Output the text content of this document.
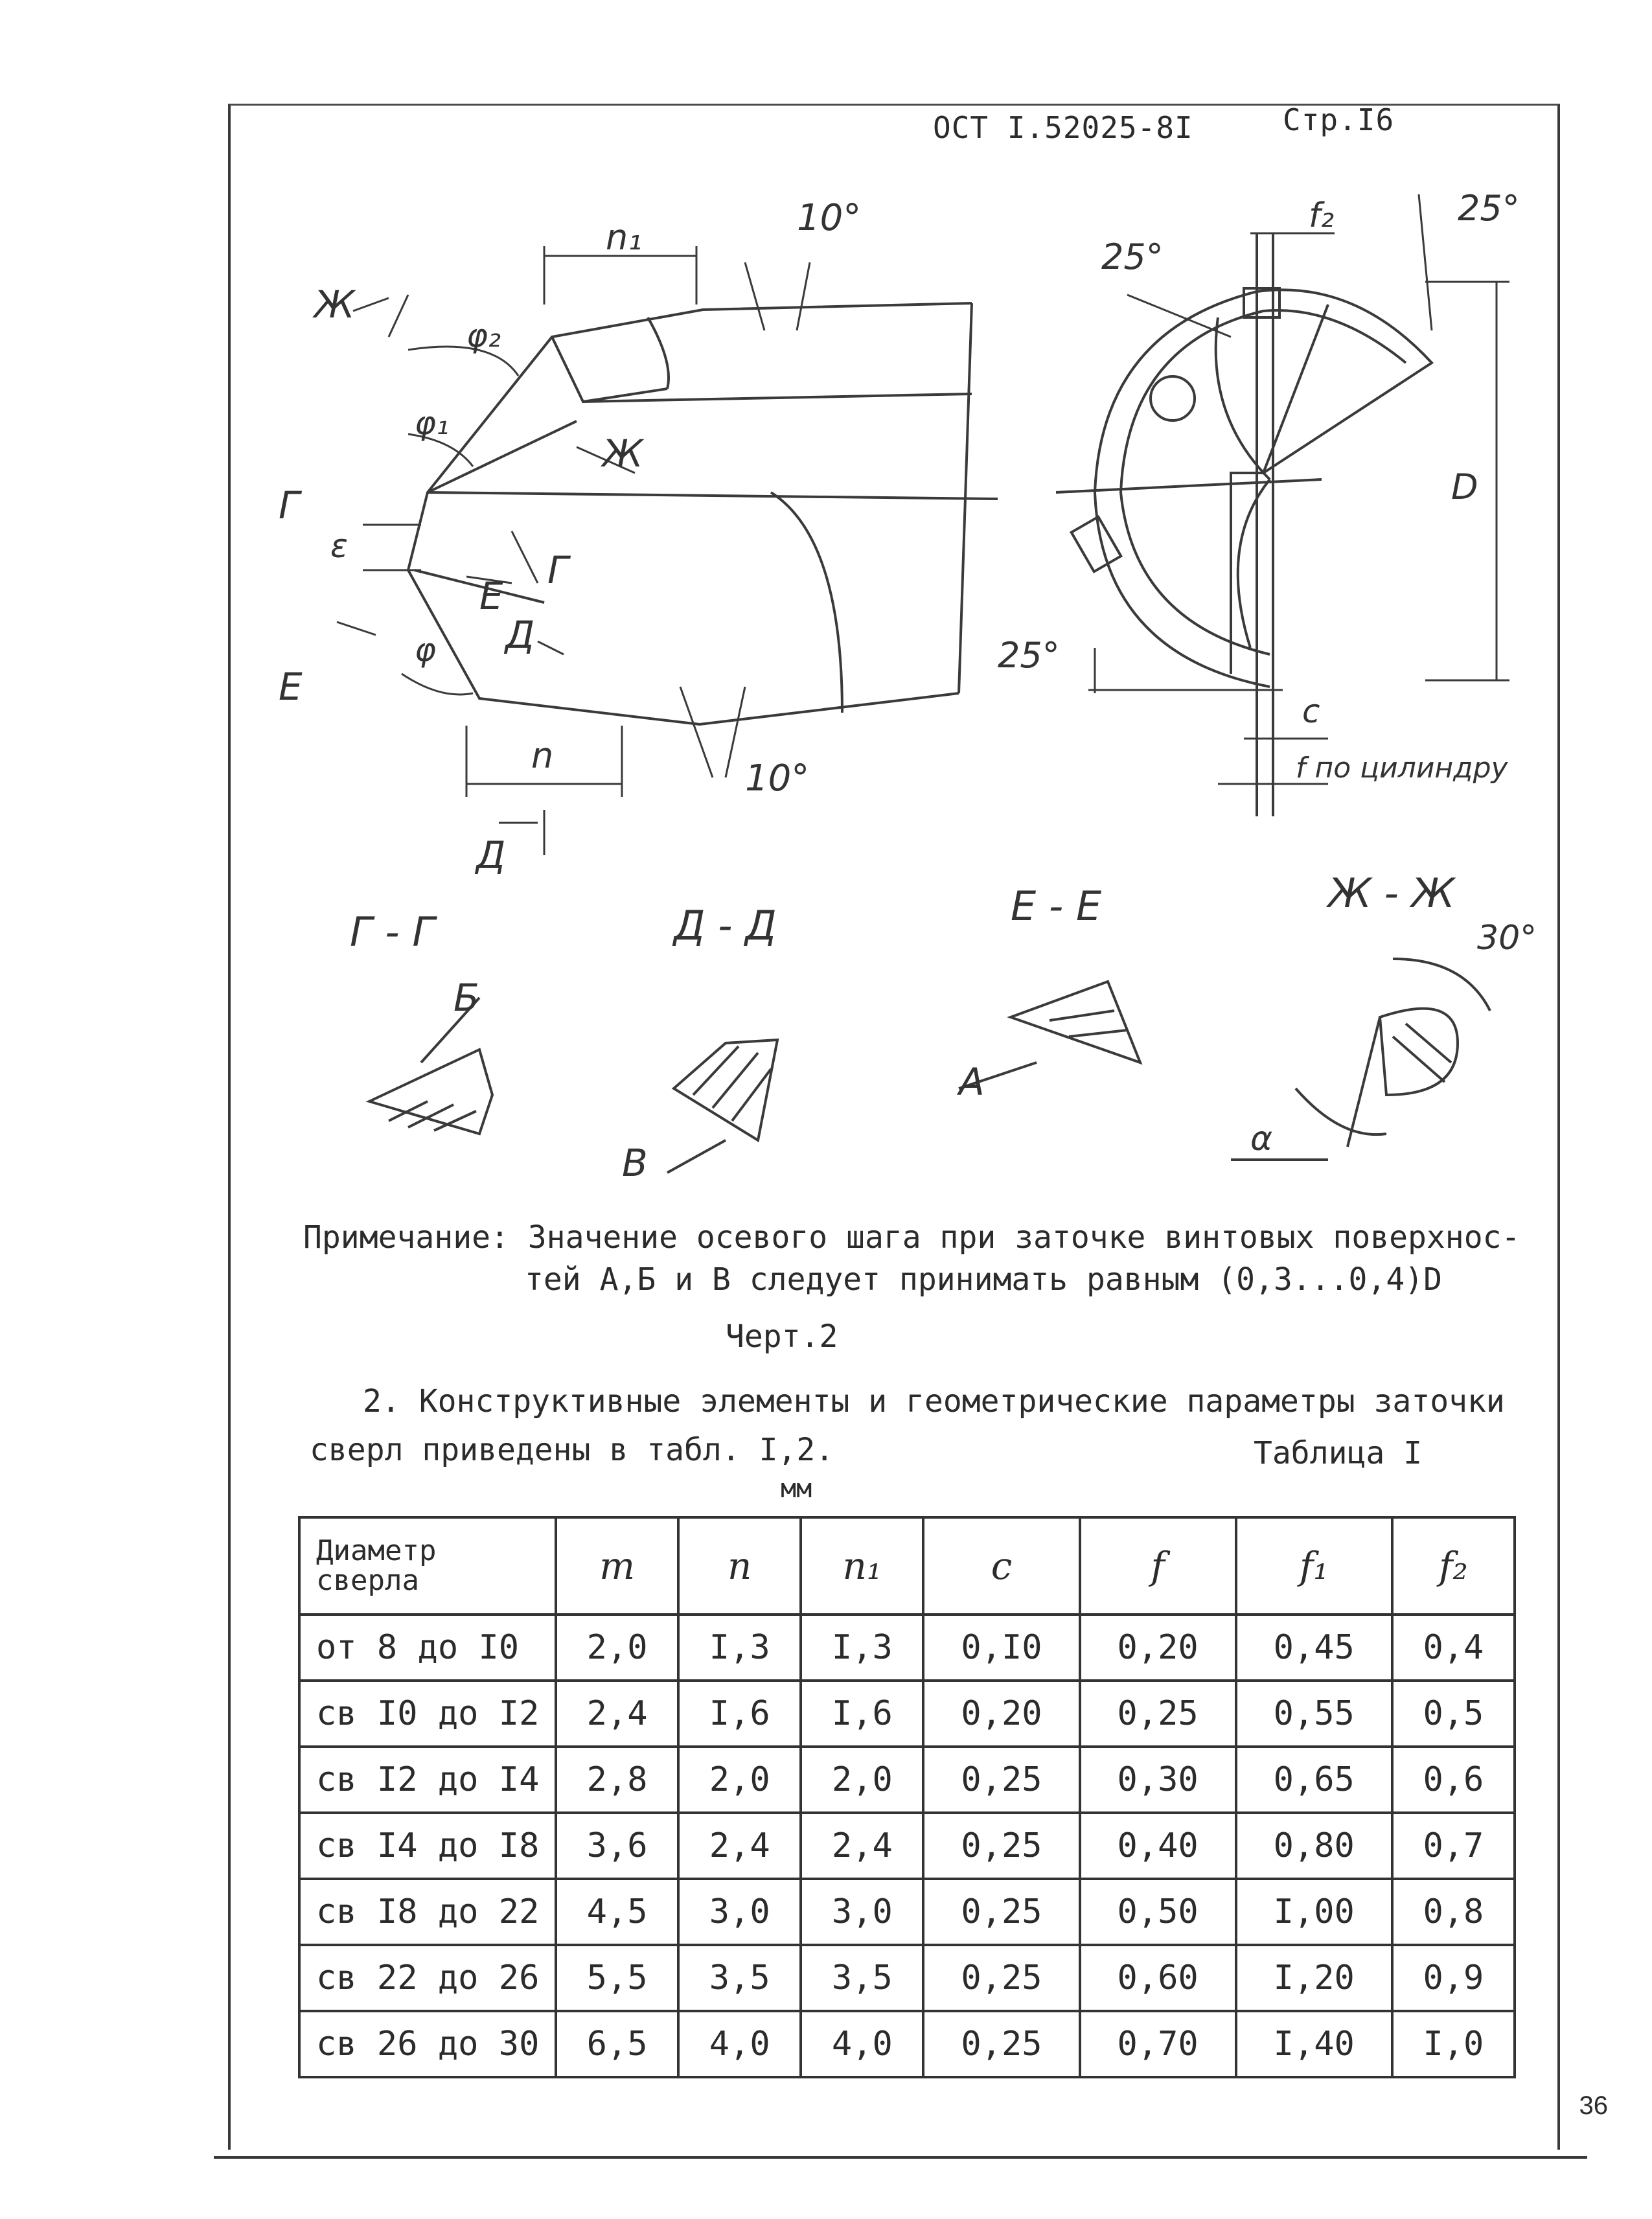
ОСТ I.52025-8I	Стр.I6
10°
10°
n₁
n
φ₂
φ₁
φ
ε
Ж
Ж
Г
Г
Е
Е
Д
Д
f₂	25°
25°
25°
D
c
f по цилиндру
Г - Г	Д - Д	Е - Е	Ж - Ж
30°
Б
В
А
α
Примечание: Значение осевого шага при заточке винтовых поверхнос-
тей А,Б и В следует принимать равным (0,3...0,4)D
Черт.2
2. Конструктивные элементы и геометрические параметры заточки
сверл приведены в табл. I,2.	Таблица I
мм
Диаметр сверла	m	n	n₁	c	f	f₁	f₂
от 8 до I0	2,0	I,3	I,3	0,I0	0,20	0,45	0,4
св I0 до I2	2,4	I,6	I,6	0,20	0,25	0,55	0,5
св I2 до I4	2,8	2,0	2,0	0,25	0,30	0,65	0,6
св I4 до I8	3,6	2,4	2,4	0,25	0,40	0,80	0,7
св I8 до 22	4,5	3,0	3,0	0,25	0,50	I,00	0,8
св 22 до 26	5,5	3,5	3,5	0,25	0,60	I,20	0,9
св 26 до 30	6,5	4,0	4,0	0,25	0,70	I,40	I,0
36
